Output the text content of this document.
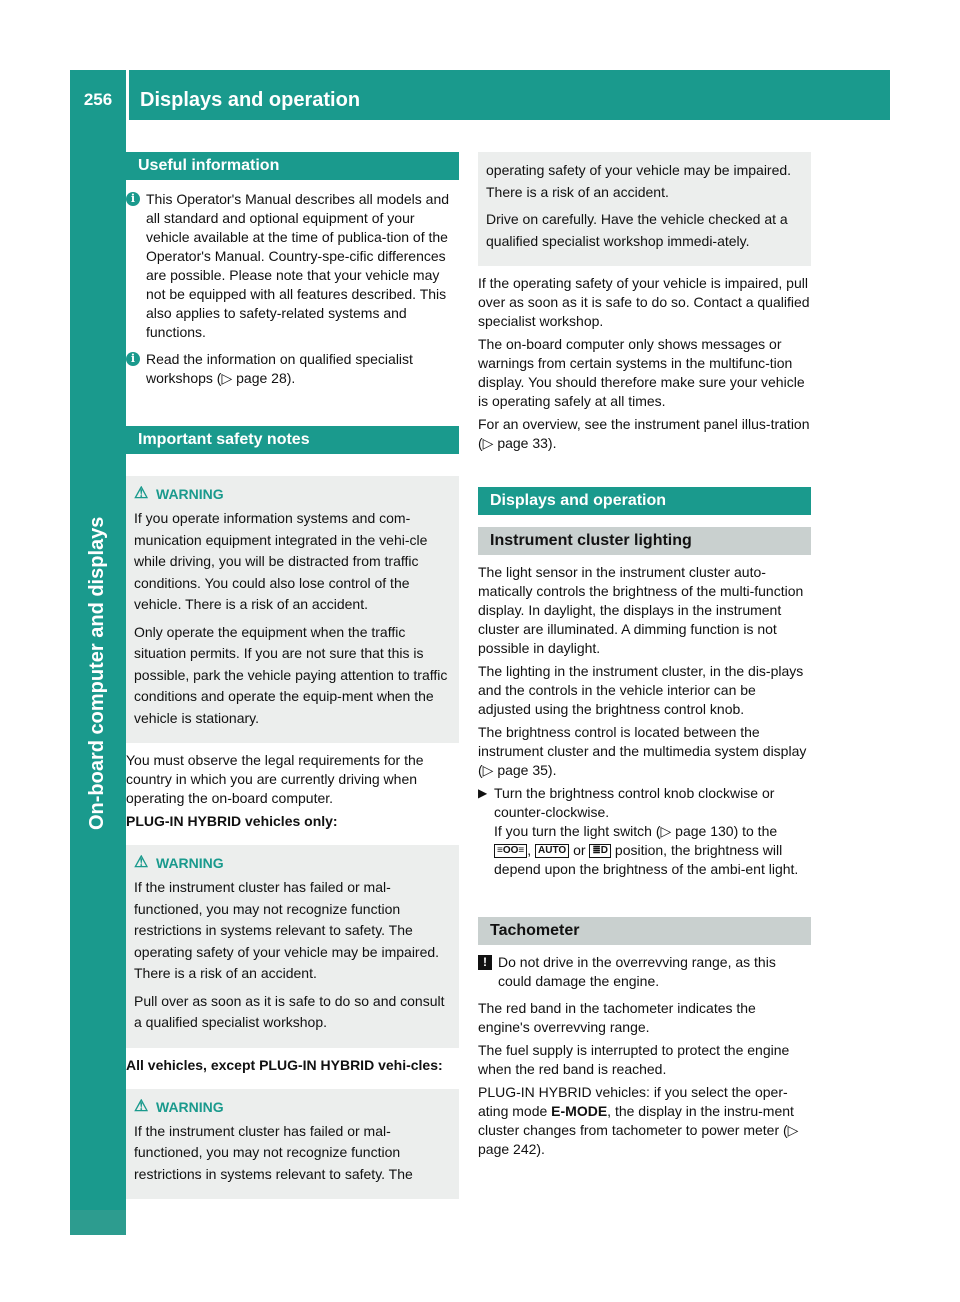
256	Displays and operation
On-board computer and displays
Useful information
i This Operator's Manual describes all models and all standard and optional equipment of your vehicle available at the time of publica-tion of the Operator's Manual. Country-spe-cific differences are possible. Please note that your vehicle may not be equipped with all features described. This also applies to safety-related systems and functions.
i Read the information on qualified specialist workshops (▷ page 28).
Important safety notes
⚠ WARNING

If you operate information systems and com-munication equipment integrated in the vehi-cle while driving, you will be distracted from traffic conditions. You could also lose control of the vehicle. There is a risk of an accident.

Only operate the equipment when the traffic situation permits. If you are not sure that this is possible, park the vehicle paying attention to traffic conditions and operate the equip-ment when the vehicle is stationary.

You must observe the legal requirements for the country in which you are currently driving when operating the on-board computer.

PLUG-IN HYBRID vehicles only:

⚠ WARNING

If the instrument cluster has failed or mal-functioned, you may not recognize function restrictions in systems relevant to safety. The operating safety of your vehicle may be impaired. There is a risk of an accident.

Pull over as soon as it is safe to do so and consult a qualified specialist workshop.

All vehicles, except PLUG-IN HYBRID vehi-cles:

⚠ WARNING

If the instrument cluster has failed or mal-functioned, you may not recognize function restrictions in systems relevant to safety. The

operating safety of your vehicle may be impaired. There is a risk of an accident.

Drive on carefully. Have the vehicle checked at a qualified specialist workshop immedi-ately.

If the operating safety of your vehicle is impaired, pull over as soon as it is safe to do so. Contact a qualified specialist workshop.

The on-board computer only shows messages or warnings from certain systems in the multifunc-tion display. You should therefore make sure your vehicle is operating safely at all times.

For an overview, see the instrument panel illus-tration (▷ page 33).

Displays and operation
Instrument cluster lighting

The light sensor in the instrument cluster auto-matically controls the brightness of the multi-function display. In daylight, the displays in the instrument cluster are illuminated. A dimming function is not possible in daylight.

The lighting in the instrument cluster, in the dis-plays and the controls in the vehicle interior can be adjusted using the brightness control knob.

The brightness control is located between the instrument cluster and the multimedia system display (▷ page 35).

▶ Turn the brightness control knob clockwise or counter-clockwise.
If you turn the light switch (▷ page 130) to the
≡OO≡ , AUTO or ≣D position, the brightness will depend upon the brightness of the ambi-ent light.
Tachometer
! Do not drive in the overrevving range, as this could damage the engine.

The red band in the tachometer indicates the engine's overrevving range.

The fuel supply is interrupted to protect the engine when the red band is reached.

PLUG-IN HYBRID vehicles: if you select the oper-ating mode E-MODE, the display in the instru-ment cluster changes from tachometer to power meter (▷ page 242).
